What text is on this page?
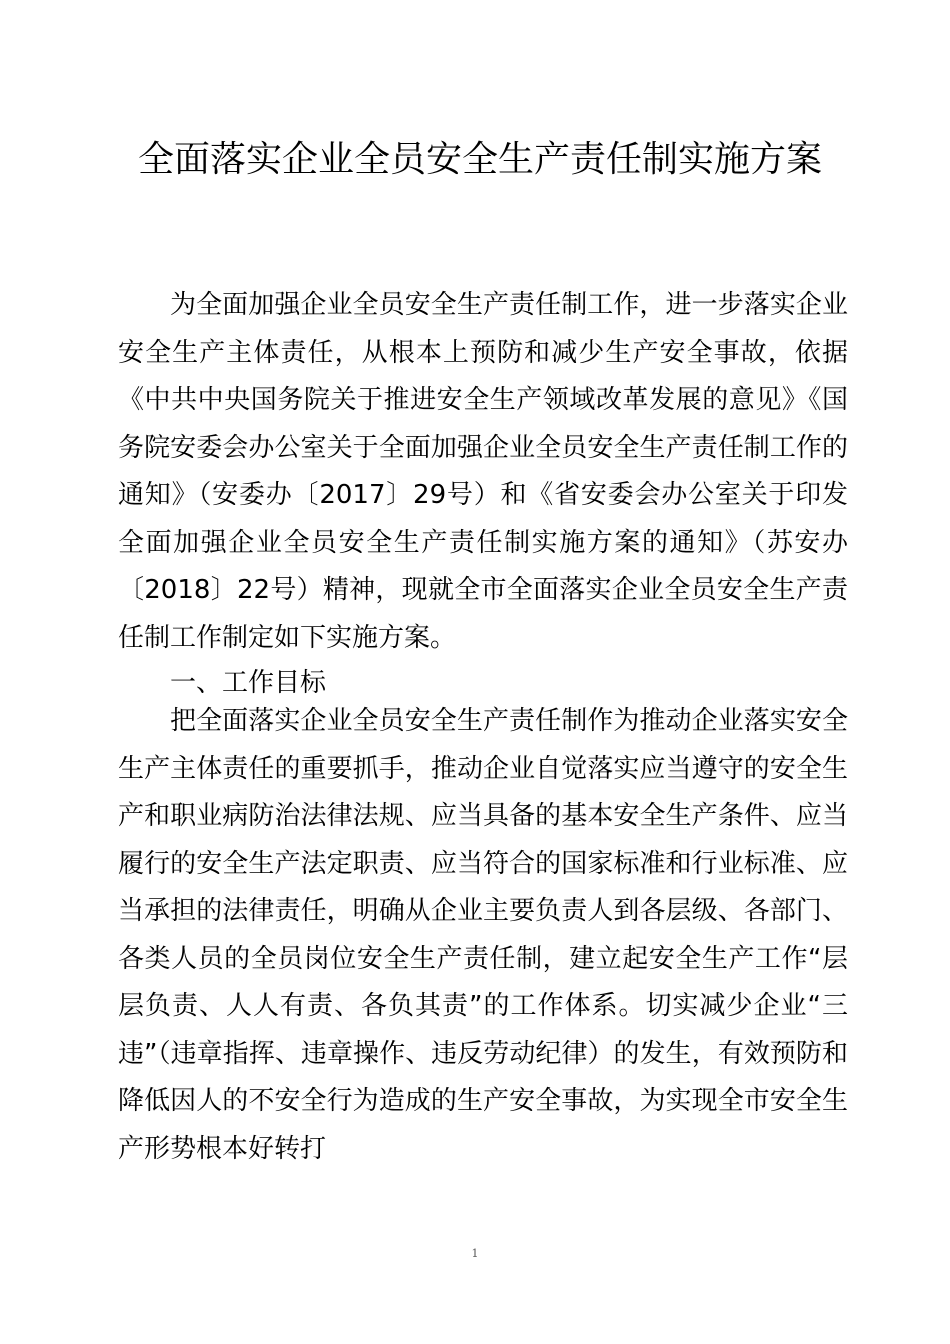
全面落实企业全员安全生产责任制实施方案

为全面加强企业全员安全生产责任制工作，进一步落实企业安全生产主体责任，从根本上预防和减少生产安全事故，依据《中共中央国务院关于推进安全生产领域改革发展的意见》《国务院安委会办公室关于全面加强企业全员安全生产责任制工作的通知》（安委办〔2017〕29号）和《省安委会办公室关于印发全面加强企业全员安全生产责任制实施方案的通知》（苏安办〔2018〕22号）精神，现就全市全面落实企业全员安全生产责任制工作制定如下实施方案。

一、工作目标

把全面落实企业全员安全生产责任制作为推动企业落实安全生产主体责任的重要抓手，推动企业自觉落实应当遵守的安全生产和职业病防治法律法规、应当具备的基本安全生产条件、应当履行的安全生产法定职责、应当符合的国家标准和行业标准、应当承担的法律责任，明确从企业主要负责人到各层级、各部门、各类人员的全员岗位安全生产责任制，建立起安全生产工作“层层负责、人人有责、各负其责”的工作体系。切实减少企业“三违”（违章指挥、违章操作、违反劳动纪律）的发生，有效预防和降低因人的不安全行为造成的生产安全事故，为实现全市安全生产形势根本好转打

1
